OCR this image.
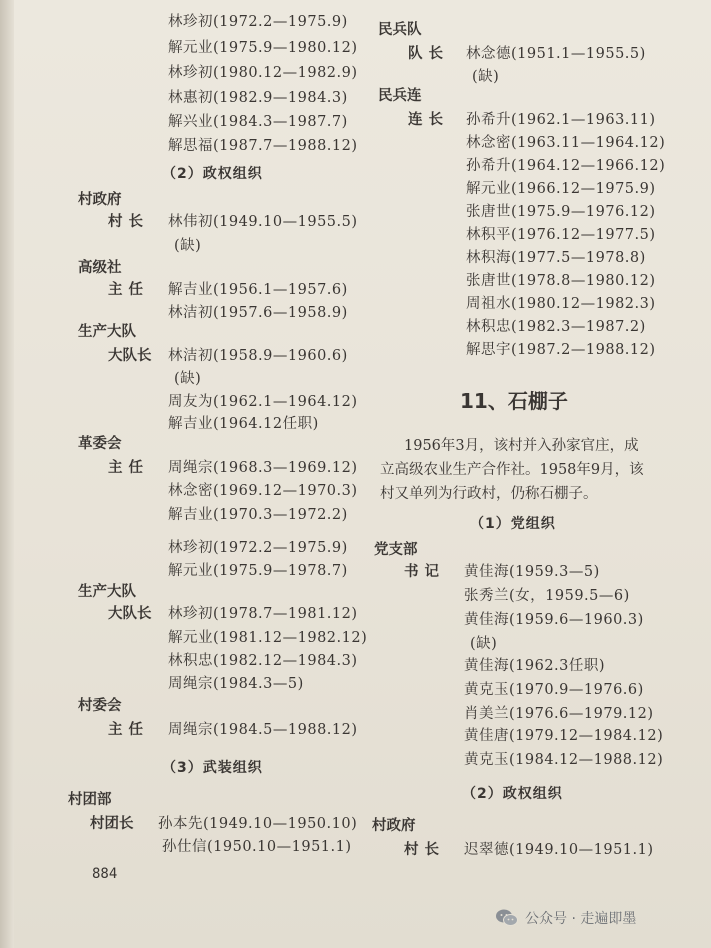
林珍初(1972.2—1975.9)
解元业(1975.9—1980.12)
林珍初(1980.12—1982.9)
林惠初(1982.9—1984.3)
解兴业(1984.3—1987.7)
解思福(1987.7—1988.12)
（2）政权组织
村政府
村长 林伟初(1949.10—1955.5)
(缺)
高级社
主任 解吉业(1956.1—1957.6)
林洁初(1957.6—1958.9)
生产大队
大队长 林洁初(1958.9—1960.6)
(缺)
周友为(1962.1—1964.12)
解吉业(1964.12任职)
革委会
主任 周绳宗(1968.3—1969.12)
林念密(1969.12—1970.3)
解吉业(1970.3—1972.2)
林珍初(1972.2—1975.9)
解元业(1975.9—1978.7)
生产大队
大队长 林珍初(1978.7—1981.12)
解元业(1981.12—1982.12)
林积忠(1982.12—1984.3)
周绳宗(1984.3—5)
村委会
主任 周绳宗(1984.5—1988.12)
（3）武装组织
村团部
村团长 孙本先(1949.10—1950.10)
孙仕信(1950.10—1951.1)
884
民兵队
队长 林念德(1951.1—1955.5)
(缺)
民兵连
连长 孙希升(1962.1—1963.11)
林念密(1963.11—1964.12)
孙希升(1964.12—1966.12)
解元业(1966.12—1975.9)
张唐世(1975.9—1976.12)
林积平(1976.12—1977.5)
林积海(1977.5—1978.8)
张唐世(1978.8—1980.12)
周祖水(1980.12—1982.3)
林积忠(1982.3—1987.2)
解思宇(1987.2—1988.12)
11、石棚子
1956年3月，该村并入孙家官庄，成
立高级农业生产合作社。1958年9月，该
村又单列为行政村，仍称石棚子。
（1）党组织
党支部
书记 黄佳海(1959.3—5)
张秀兰(女，1959.5—6)
黄佳海(1959.6—1960.3)
(缺)
黄佳海(1962.3任职)
黄克玉(1970.9—1976.6)
肖美兰(1976.6—1979.12)
黄佳唐(1979.12—1984.12)
黄克玉(1984.12—1988.12)
（2）政权组织
村政府
村长 迟翠德(1949.10—1951.1)
公众号 · 走遍即墨
